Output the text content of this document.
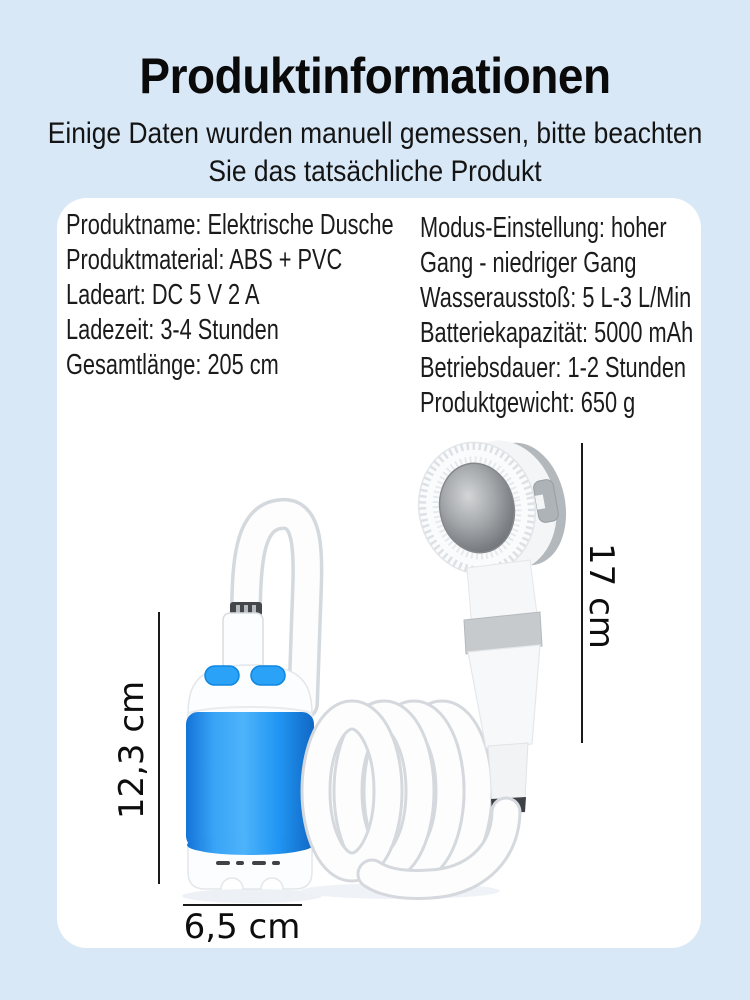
Produktinformationen
Einige Daten wurden manuell gemessen, bitte beachten
Sie das tatsächliche Produkt
Produktname: Elektrische Dusche
Produktmaterial: ABS + PVC
Ladeart: DC 5 V 2 A
Ladezeit: 3-4 Stunden
Gesamtlänge: 205 cm
Modus-Einstellung: hoher
Gang - niedriger Gang
Wasserausstoß: 5 L-3 L/Min
Batteriekapazität: 5000 mAh
Betriebsdauer: 1-2 Stunden
Produktgewicht: 650 g
12,3 cm
17 cm
6,5 cm
